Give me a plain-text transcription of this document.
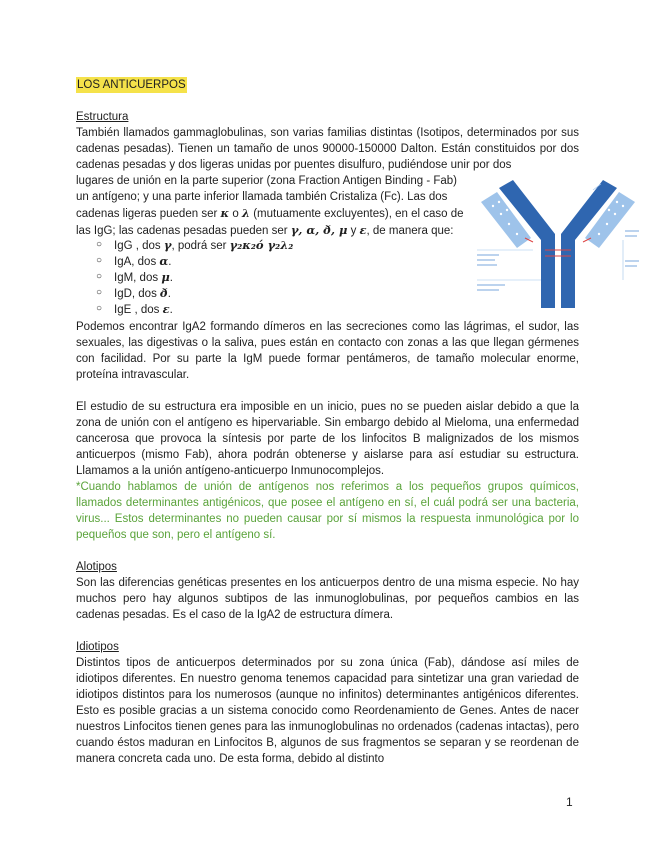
LOS ANTICUERPOS
Estructura

También llamados gammaglobulinas, son varias familias distintas (Isotipos, determinados por sus cadenas pesadas). Tienen un tamaño de unos 90000-150000 Dalton. Están constituidos por dos cadenas pesadas y dos ligeras unidas por puentes disulfuro, pudiéndose unir por dos

lugares de unión en la parte superior (zona Fraction Antigen Binding - Fab)
un antígeno; y una parte inferior llamada también Cristaliza (Fc). Las dos
cadenas ligeras pueden ser κ o λ (mutuamente excluyentes), en el caso de
las IgG; las cadenas pesadas pueden ser γ, α, ð, μ y ε, de manera que:

○ IgG , dos γ, podrá ser γ₂κ₂ó γ₂λ₂
○ IgA, dos α.
○ IgM, dos μ.
○ IgD, dos ð.
○ IgE , dos ε.

Podemos encontrar IgA2 formando dímeros en las secreciones como las lágrimas, el sudor, las sexuales, las digestivas o la saliva, pues están en contacto con zonas a las que llegan gérmenes con facilidad. Por su parte la IgM puede formar pentámeros, de tamaño molecular enorme, proteína intravascular.

El estudio de su estructura era imposible en un inicio, pues no se pueden aislar debido a que la zona de unión con el antígeno es hipervariable. Sin embargo debido al Mieloma, una enfermedad cancerosa que provoca la síntesis por parte de los linfocitos B malignizados de los mismos anticuerpos (mismo Fab), ahora podrán obtenerse y aislarse para así estudiar su estructura. Llamamos a la unión antígeno-anticuerpo Inmunocomplejos.

*Cuando hablamos de unión de antígenos nos referimos a los pequeños grupos químicos, llamados determinantes antigénicos, que posee el antígeno en sí, el cuál podrá ser una bacteria, virus... Estos determinantes no pueden causar por sí mismos la respuesta inmunológica por lo pequeños que son, pero el antígeno sí.

Alotipos

Son las diferencias genéticas presentes en los anticuerpos dentro de una misma especie. No hay muchos pero hay algunos subtipos de las inmunoglobulinas, por pequeños cambios en las cadenas pesadas. Es el caso de la IgA2 de estructura dímera.

Idiotipos

Distintos tipos de anticuerpos determinados por su zona única (Fab), dándose así miles de idiotipos diferentes. En nuestro genoma tenemos capacidad para sintetizar una gran variedad de idiotipos distintos para los numerosos (aunque no infinitos) determinantes antigénicos diferentes. Esto es posible gracias a un sistema conocido como Reordenamiento de Genes. Antes de nacer nuestros Linfocitos tienen genes para las inmunoglobulinas no ordenados (cadenas intactas), pero cuando éstos maduran en Linfocitos B, algunos de sus fragmentos se separan y se reordenan de manera concreta cada uno. De esta forma, debido al distinto

1
